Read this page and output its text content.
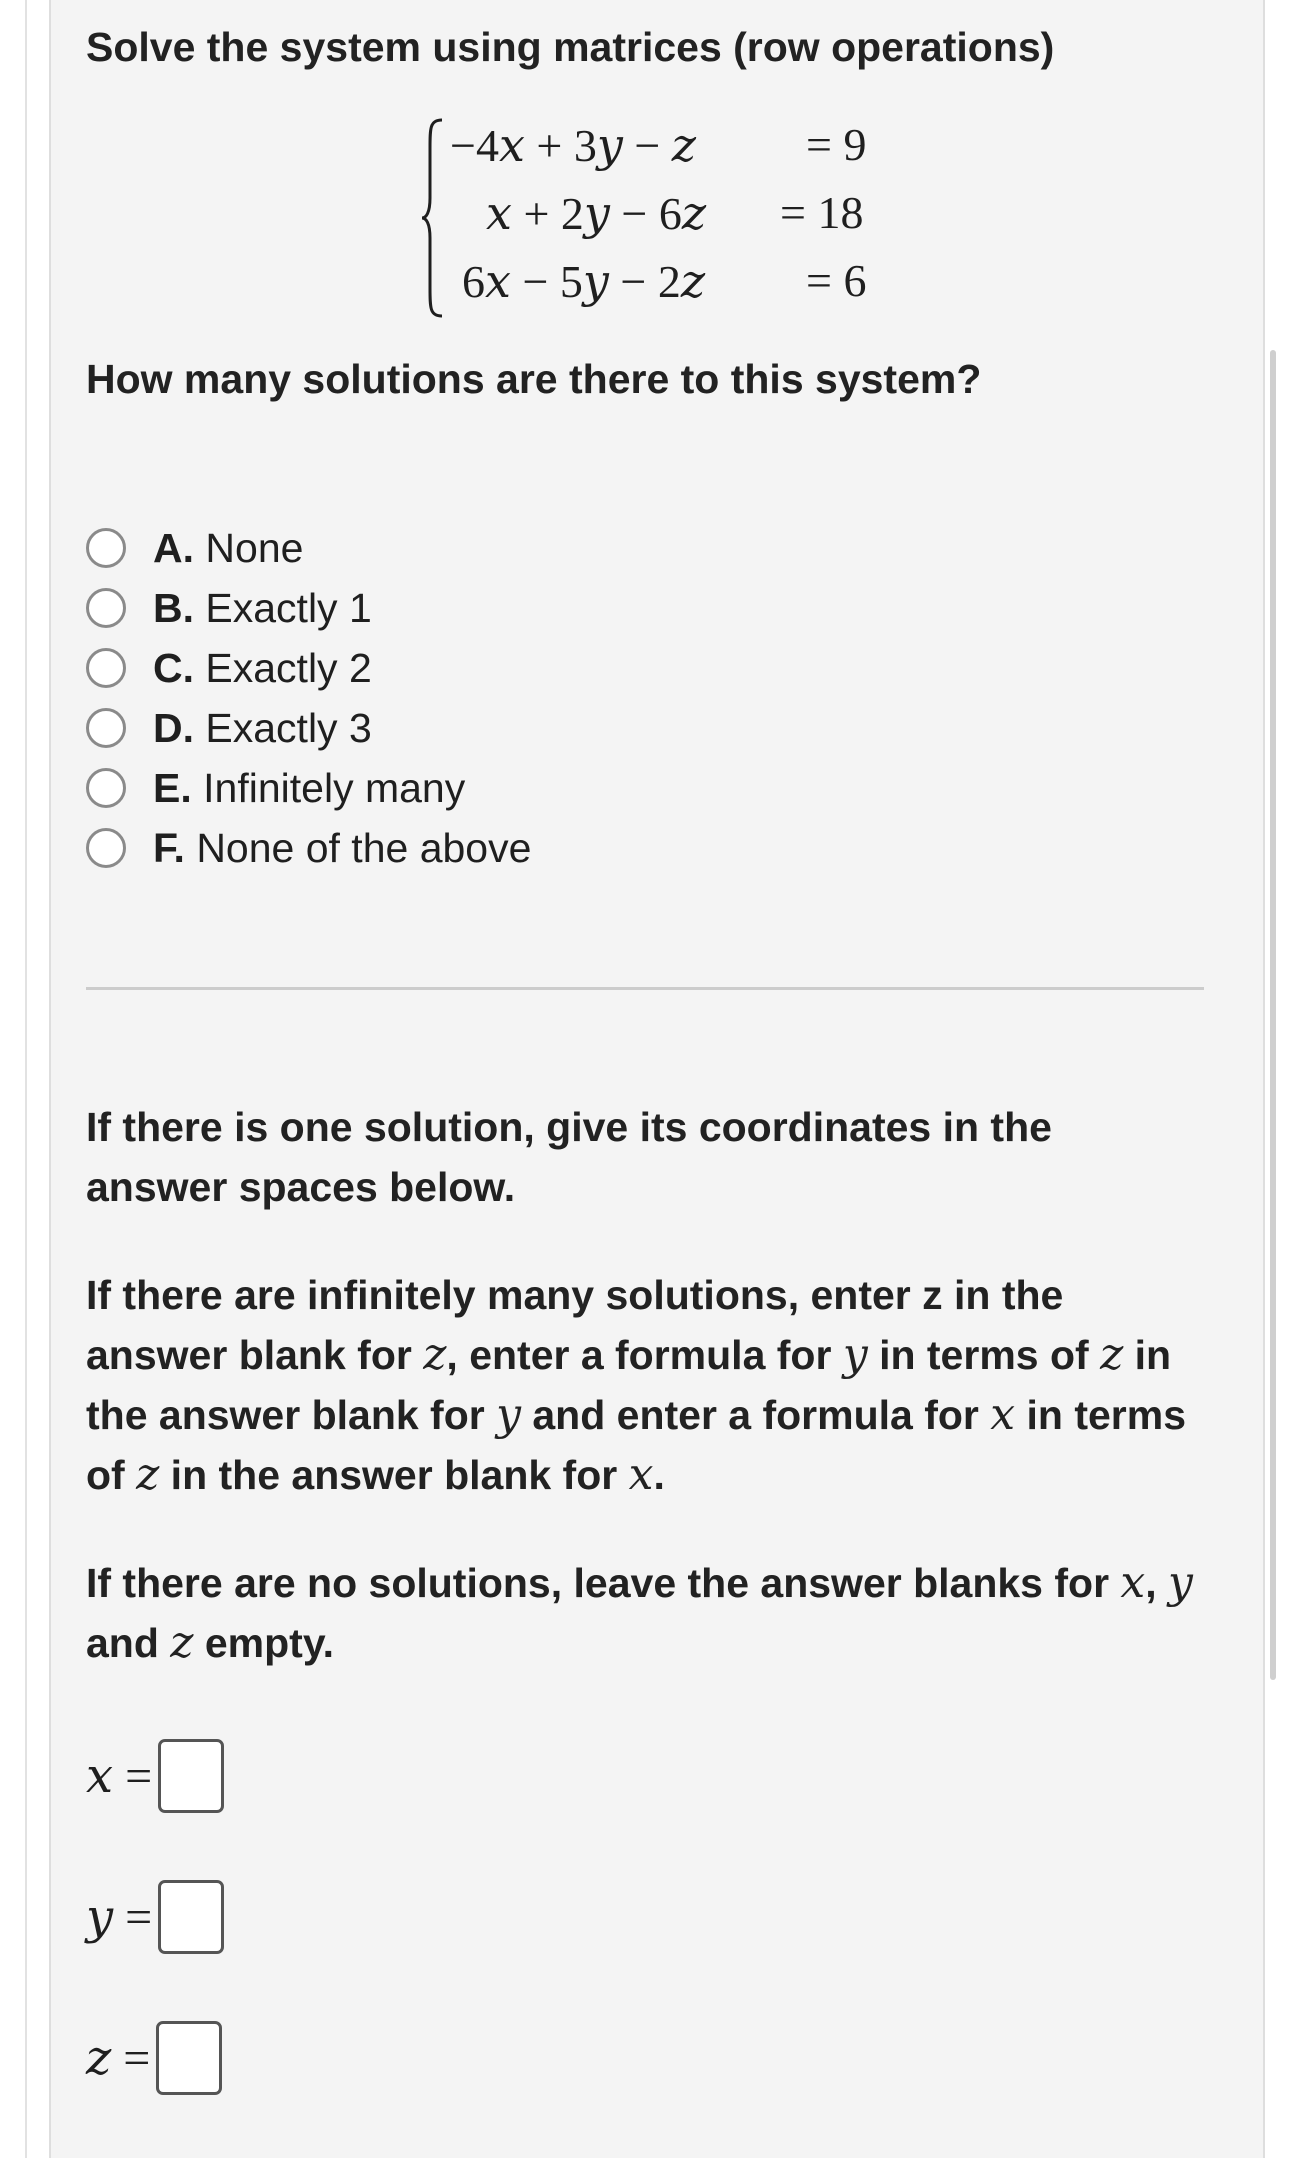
Solve the system using matrices (row operations)
−4𝑥 + 3𝑦 − 𝑧 = 9
𝑥 + 2𝑦 − 6𝑧 = 18
6𝑥 − 5𝑦 − 2𝑧 = 6
How many solutions are there to this system?
A. None
B. Exactly 1
C. Exactly 2
D. Exactly 3
E. Infinitely many
F. None of the above
If there is one solution, give its coordinates in the
answer spaces below.
If there are infinitely many solutions, enter z in the
answer blank for 𝑧, enter a formula for 𝑦 in terms of 𝑧 in
the answer blank for 𝑦 and enter a formula for 𝑥 in terms
of 𝑧 in the answer blank for 𝑥.
If there are no solutions, leave the answer blanks for 𝑥, 𝑦
and 𝑧 empty.
𝑥 =
𝑦 =
𝑧 =
